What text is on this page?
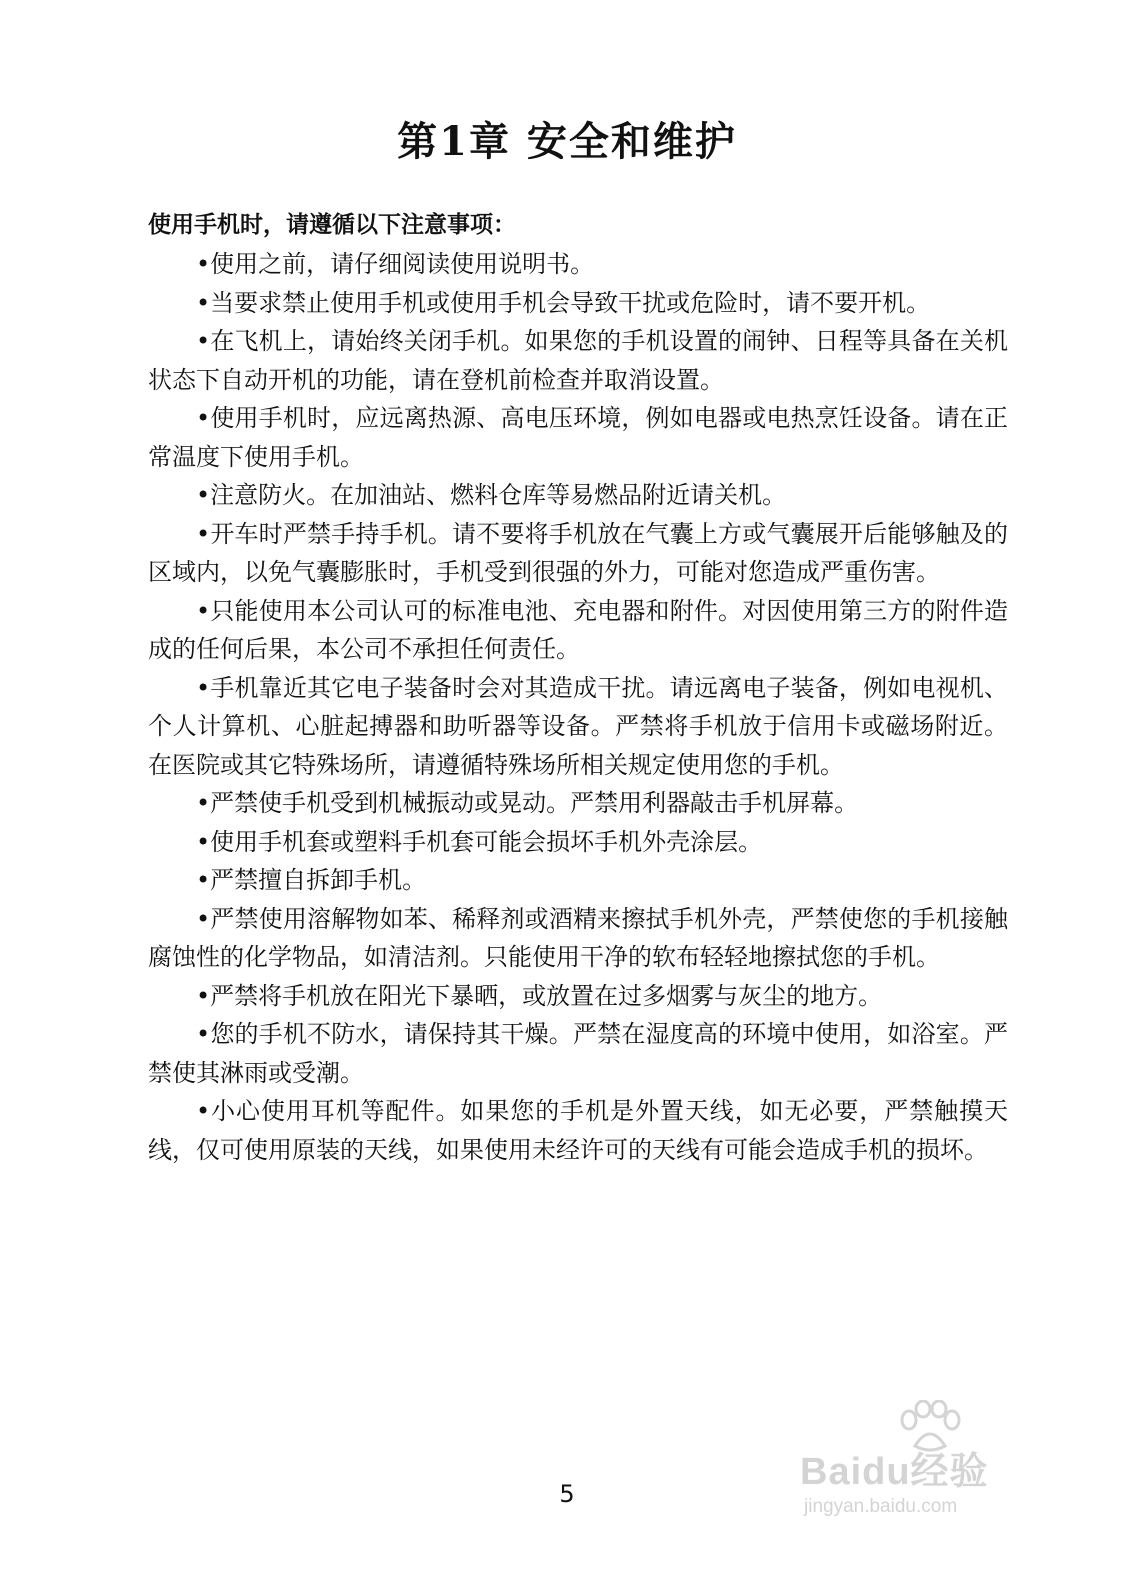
第1章 安全和维护

使用手机时，请遵循以下注意事项：

•使用之前，请仔细阅读使用说明书。
•当要求禁止使用手机或使用手机会导致干扰或危险时，请不要开机。
•在飞机上，请始终关闭手机。如果您的手机设置的闹钟、日程等具备在关机状态下自动开机的功能，请在登机前检查并取消设置。
•使用手机时，应远离热源、高电压环境，例如电器或电热烹饪设备。请在正常温度下使用手机。
•注意防火。在加油站、燃料仓库等易燃品附近请关机。
•开车时严禁手持手机。请不要将手机放在气囊上方或气囊展开后能够触及的区域内，以免气囊膨胀时，手机受到很强的外力，可能对您造成严重伤害。
•只能使用本公司认可的标准电池、充电器和附件。对因使用第三方的附件造成的任何后果，本公司不承担任何责任。
•手机靠近其它电子装备时会对其造成干扰。请远离电子装备，例如电视机、个人计算机、心脏起搏器和助听器等设备。严禁将手机放于信用卡或磁场附近。在医院或其它特殊场所，请遵循特殊场所相关规定使用您的手机。
•严禁使手机受到机械振动或晃动。严禁用利器敲击手机屏幕。
•使用手机套或塑料手机套可能会损坏手机外壳涂层。
•严禁擅自拆卸手机。
•严禁使用溶解物如苯、稀释剂或酒精来擦拭手机外壳，严禁使您的手机接触腐蚀性的化学物品，如清洁剂。只能使用干净的软布轻轻地擦拭您的手机。
•严禁将手机放在阳光下暴晒，或放置在过多烟雾与灰尘的地方。
•您的手机不防水，请保持其干燥。严禁在湿度高的环境中使用，如浴室。严禁使其淋雨或受潮。
•小心使用耳机等配件。如果您的手机是外置天线，如无必要，严禁触摸天线，仅可使用原装的天线，如果使用未经许可的天线有可能会造成手机的损坏。

5

Baidu经验
jingyan.baidu.com
